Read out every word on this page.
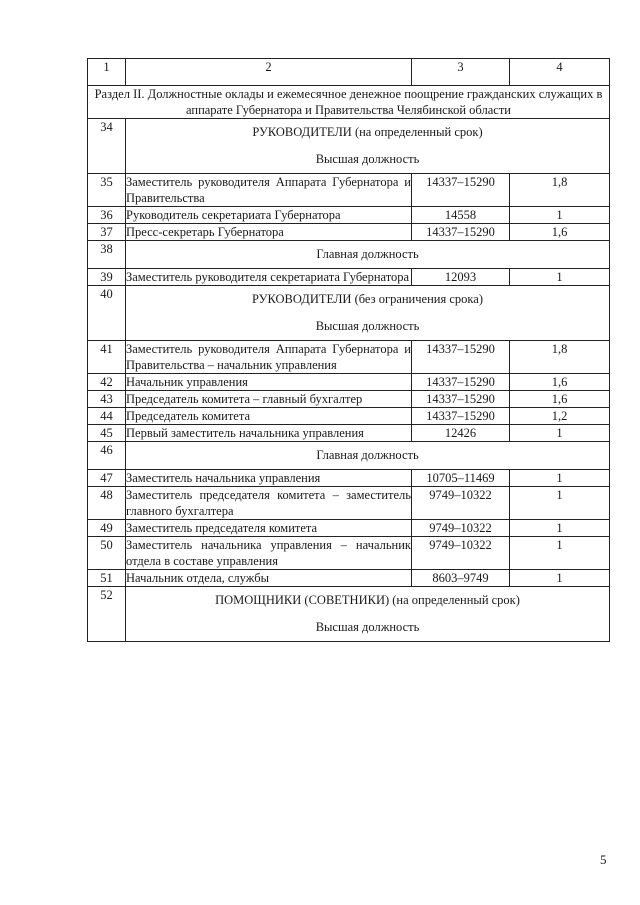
1	2	3	4
Раздел II. Должностные оклады и ежемесячное денежное поощрение гражданских служащих в аппарате Губернатора и Правительства Челябинской области			
34	РУКОВОДИТЕЛИ (на определенный срок)
Высшая должность		

35	Заместитель руководителя Аппарата Губернатора и Правительства	14337–15290	1,8
36	Руководитель секретариата Губернатора	14558	1
37	Пресс-секретарь Губернатора	14337–15290	1,6
38	Главная должность		

39	Заместитель руководителя секретариата Губернатора	12093	1
40	РУКОВОДИТЕЛИ (без ограничения срока)
Высшая должность		

41	Заместитель руководителя Аппарата Губернатора и Правительства – начальник управления	14337–15290	1,8
42	Начальник управления	14337–15290	1,6
43	Председатель комитета – главный бухгалтер	14337–15290	1,6
44	Председатель комитета	14337–15290	1,2
45	Первый заместитель начальника управления	12426	1
46	Главная должность		

47	Заместитель начальника управления	10705–11469	1
48	Заместитель председателя комитета – заместитель главного бухгалтера	9749–10322	1
49	Заместитель председателя комитета	9749–10322	1
50	Заместитель начальника управления – начальник отдела в составе управления	9749–10322	1
51	Начальник отдела, службы	8603–9749	1
52	ПОМОЩНИКИ (СОВЕТНИКИ) (на определенный срок)
Высшая должность		
5
